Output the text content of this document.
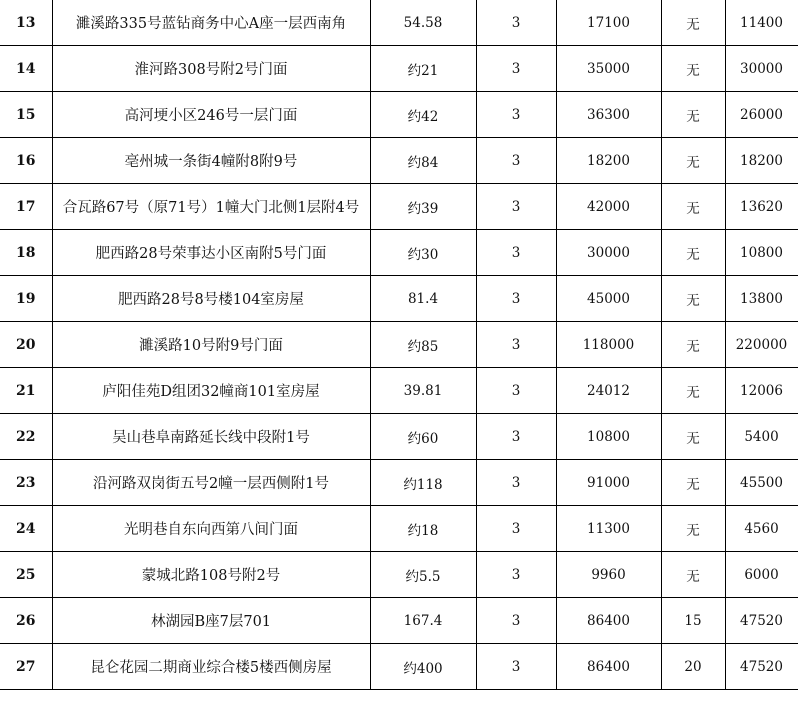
13	濉溪路335号蓝钻商务中心A座一层西南角	54.58	3	17100	无	11400
14	淮河路308号附2号门面	约21	3	35000	无	30000
15	高河埂小区246号一层门面	约42	3	36300	无	26000
16	亳州城一条街4幢附8附9号	约84	3	18200	无	18200
17	合瓦路67号（原71号）1幢大门北侧1层附4号	约39	3	42000	无	13620
18	肥西路28号荣事达小区南附5号门面	约30	3	30000	无	10800
19	肥西路28号8号楼104室房屋	81.4	3	45000	无	13800
20	濉溪路10号附9号门面	约85	3	118000	无	220000
21	庐阳佳苑D组团32幢商101室房屋	39.81	3	24012	无	12006
22	吴山巷阜南路延长线中段附1号	约60	3	10800	无	5400
23	沿河路双岗街五号2幢一层西侧附1号	约118	3	91000	无	45500
24	光明巷自东向西第八间门面	约18	3	11300	无	4560
25	蒙城北路108号附2号	约5.5	3	9960	无	6000
26	林湖园B座7层701	167.4	3	86400	15	47520
27	昆仑花园二期商业综合楼5楼西侧房屋	约400	3	86400	20	47520
